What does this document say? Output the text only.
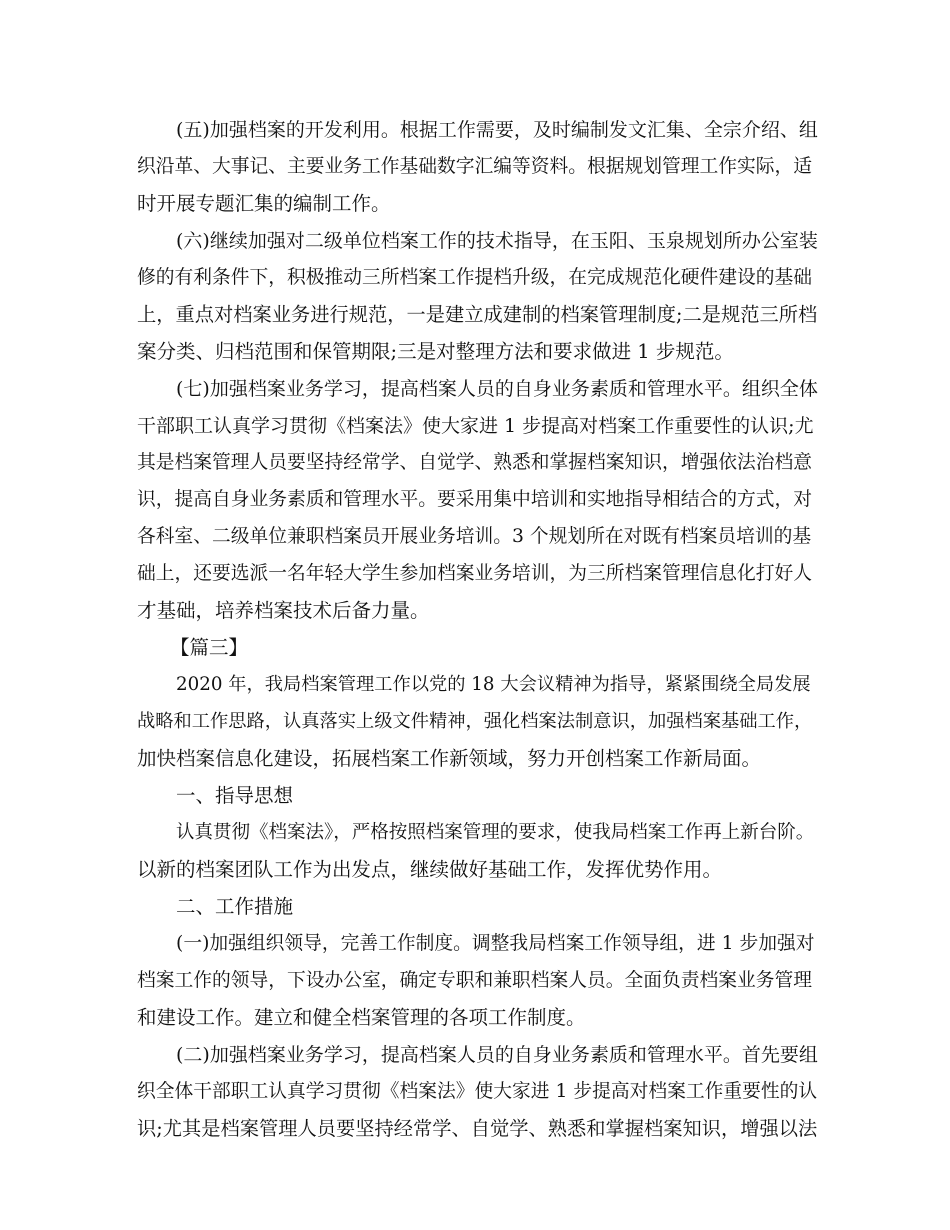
(五)加强档案的开发利用。根据工作需要，及时编制发文汇集、全宗介绍、组
织沿革、大事记、主要业务工作基础数字汇编等资料。根据规划管理工作实际，适
时开展专题汇集的编制工作。
(六)继续加强对二级单位档案工作的技术指导，在玉阳、玉泉规划所办公室装
修的有利条件下，积极推动三所档案工作提档升级，在完成规范化硬件建设的基础
上，重点对档案业务进行规范，一是建立成建制的档案管理制度;二是规范三所档
案分类、归档范围和保管期限;三是对整理方法和要求做进 1 步规范。
(七)加强档案业务学习，提高档案人员的自身业务素质和管理水平。组织全体
干部职工认真学习贯彻《档案法》使大家进 1 步提高对档案工作重要性的认识;尤
其是档案管理人员要坚持经常学、自觉学、熟悉和掌握档案知识，增强依法治档意
识，提高自身业务素质和管理水平。要采用集中培训和实地指导相结合的方式，对
各科室、二级单位兼职档案员开展业务培训。3 个规划所在对既有档案员培训的基
础上，还要选派一名年轻大学生参加档案业务培训，为三所档案管理信息化打好人
才基础，培养档案技术后备力量。
【篇三】
2020 年，我局档案管理工作以党的 18 大会议精神为指导，紧紧围绕全局发展
战略和工作思路，认真落实上级文件精神，强化档案法制意识，加强档案基础工作，
加快档案信息化建设，拓展档案工作新领域，努力开创档案工作新局面。
一、指导思想
认真贯彻《档案法》，严格按照档案管理的要求，使我局档案工作再上新台阶。
以新的档案团队工作为出发点，继续做好基础工作，发挥优势作用。
二、工作措施
(一)加强组织领导，完善工作制度。调整我局档案工作领导组，进 1 步加强对
档案工作的领导，下设办公室，确定专职和兼职档案人员。全面负责档案业务管理
和建设工作。建立和健全档案管理的各项工作制度。
(二)加强档案业务学习，提高档案人员的自身业务素质和管理水平。首先要组
织全体干部职工认真学习贯彻《档案法》使大家进 1 步提高对档案工作重要性的认
识;尤其是档案管理人员要坚持经常学、自觉学、熟悉和掌握档案知识，增强以法
